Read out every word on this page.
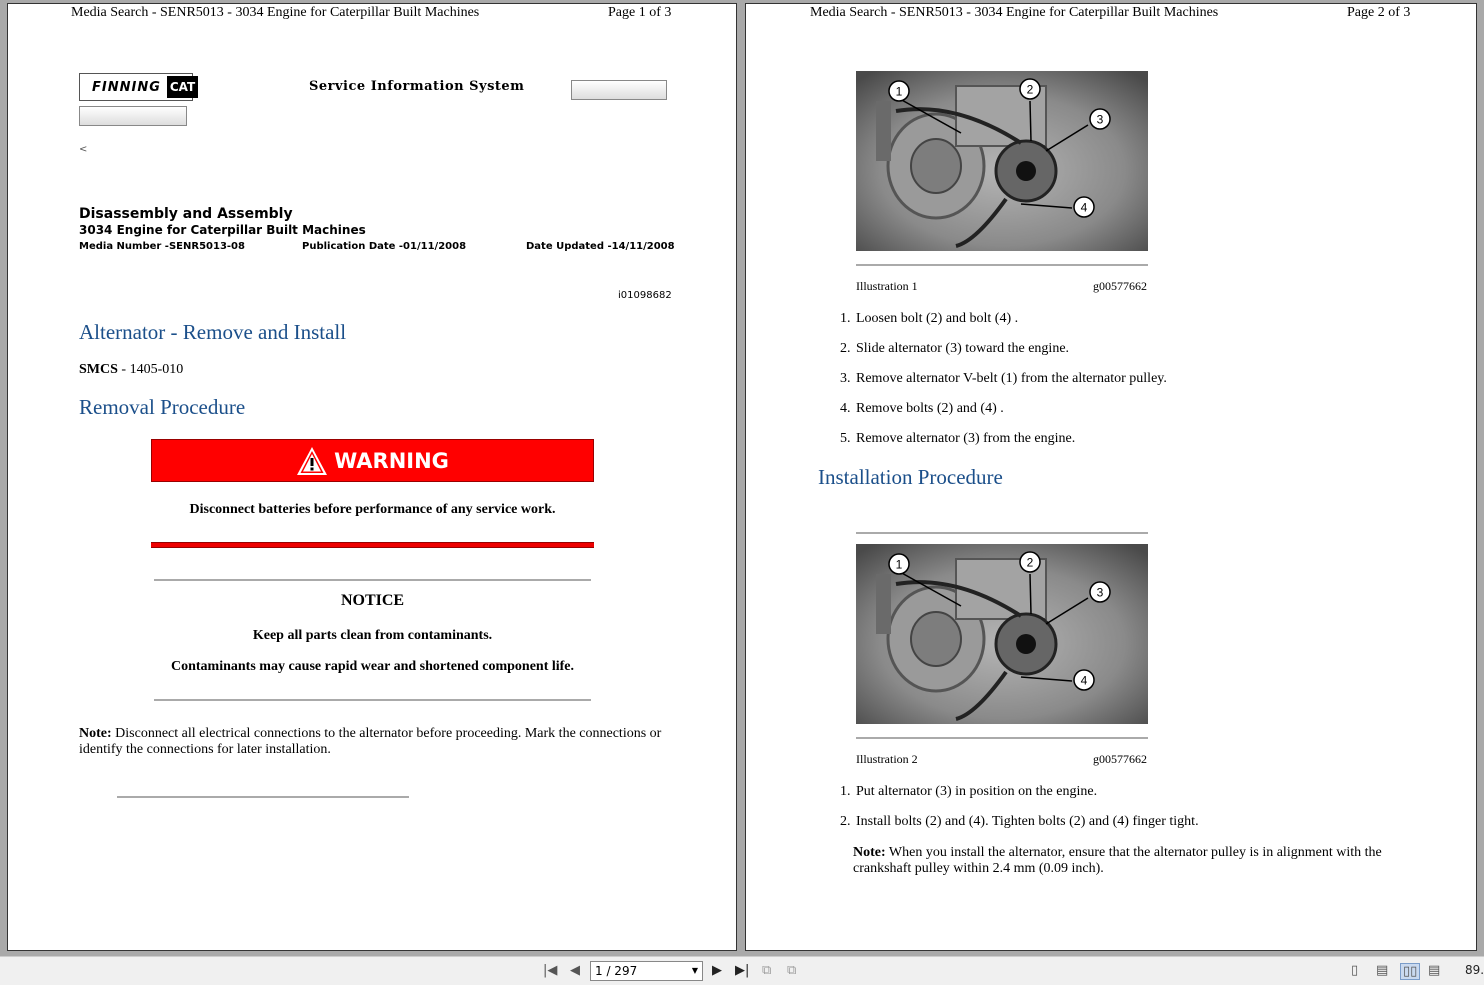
Media Search - SENR5013 - 3034 Engine for Caterpillar Built Machines	Page 1 of 3
FINNING CAT	Service Information System
<
Disassembly and Assembly
3034 Engine for Caterpillar Built Machines
Media Number -SENR5013-08	Publication Date -01/11/2008	Date Updated -14/11/2008
i01098682
Alternator - Remove and Install
SMCS - 1405-010
Removal Procedure
WARNING
Disconnect batteries before performance of any service work.
NOTICE
Keep all parts clean from contaminants.
Contaminants may cause rapid wear and shortened component life.
Note: Disconnect all electrical connections to the alternator before proceeding. Mark the connections or identify the connections for later installation.
Media Search - SENR5013 - 3034 Engine for Caterpillar Built Machines	Page 2 of 3
1	2
3
4
Illustration 1	g00577662
1. Loosen bolt (2) and bolt (4) .
2. Slide alternator (3) toward the engine.
3. Remove alternator V-belt (1) from the alternator pulley.
4. Remove bolts (2) and (4) .
5. Remove alternator (3) from the engine.
Installation Procedure
1	2
3
4
Illustration 2	g00577662
1. Put alternator (3) in position on the engine.
2. Install bolts (2) and (4). Tighten bolts (2) and (4) finger tight.
Note: When you install the alternator, ensure that the alternator pulley is in alignment with the crankshaft pulley within 2.4 mm (0.09 inch).
|◀ ◀	1 / 297	▼ ▶ ▶| ⧉ ⧉	▯ ▤ ▯▯ ▤ 89.
